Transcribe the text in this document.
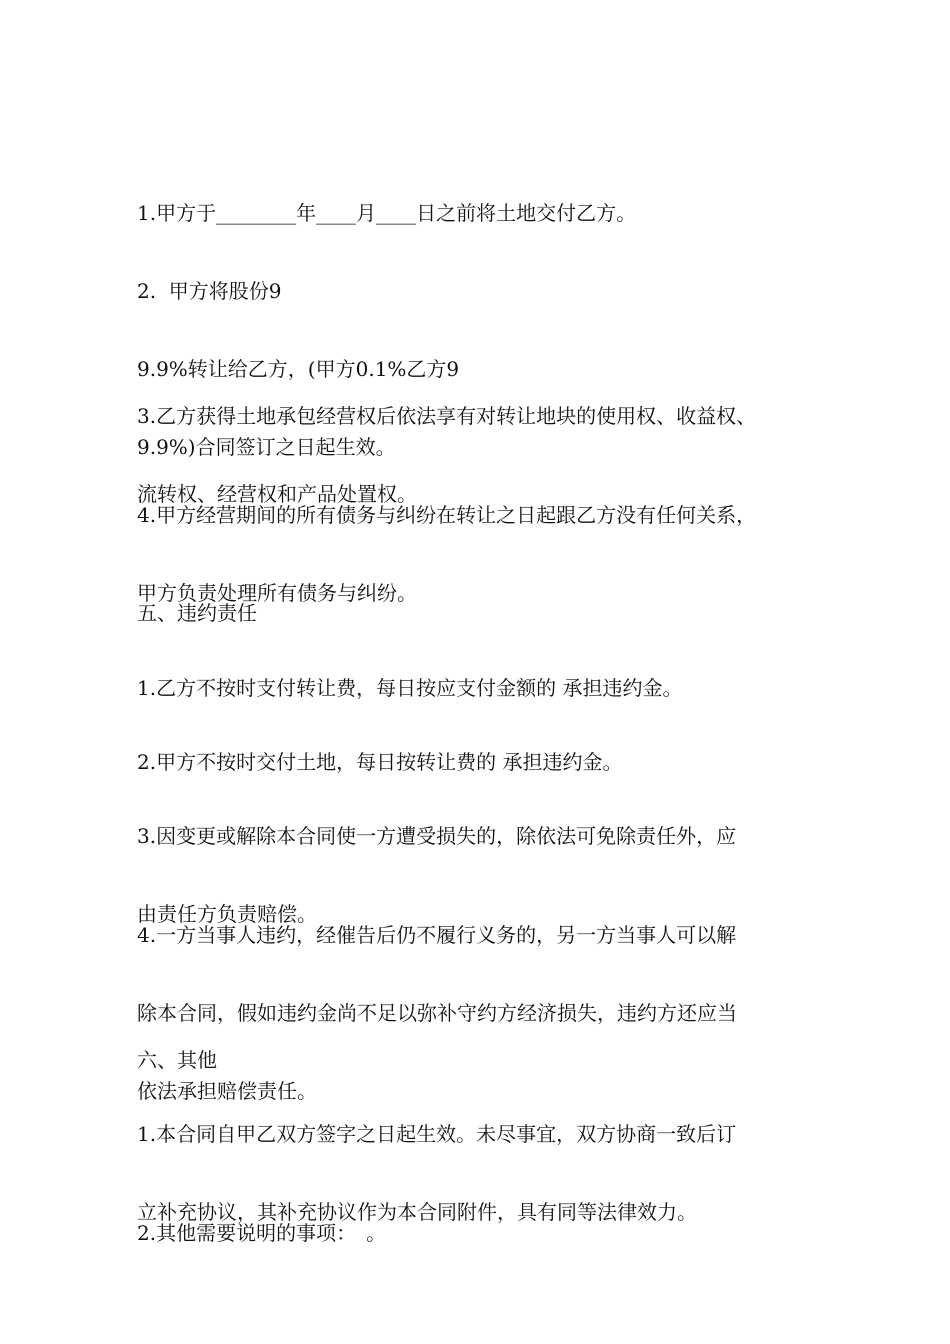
1.甲方于________年____月____日之前将土地交付乙方。

2.  甲方将股份9

9.9%转让给乙方，(甲方0.1%乙方9

9.9%)合同签订之日起生效。

3.乙方获得土地承包经营权后依法享有对转让地块的使用权、收益权、

流转权、经营权和产品处置权。

4.甲方经营期间的所有债务与纠纷在转让之日起跟乙方没有任何关系，

甲方负责处理所有债务与纠纷。

五、违约责任

1.乙方不按时支付转让费，每日按应支付金额的 承担违约金。

2.甲方不按时交付土地，每日按转让费的 承担违约金。

3.因变更或解除本合同使一方遭受损失的，除依法可免除责任外，应

由责任方负责赔偿。

4.一方当事人违约，经催告后仍不履行义务的，另一方当事人可以解

除本合同，假如违约金尚不足以弥补守约方经济损失，违约方还应当

依法承担赔偿责任。

六、其他

1.本合同自甲乙双方签字之日起生效。未尽事宜，双方协商一致后订

立补充协议，其补充协议作为本合同附件，具有同等法律效力。

2.其他需要说明的事项：　。
